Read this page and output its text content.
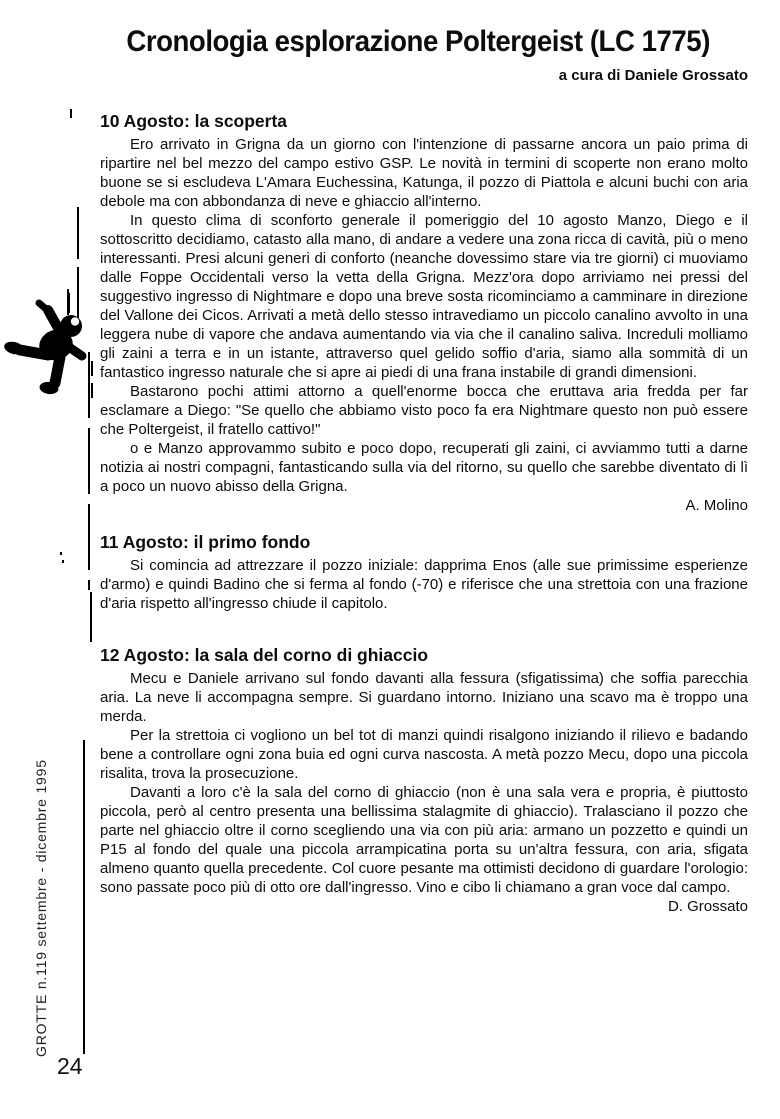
Cronologia esplorazione Poltergeist (LC 1775)
a cura di Daniele Grossato
10 Agosto: la scoperta

Ero arrivato in Grigna da un giorno con l'intenzione di passarne ancora un paio prima di ripartire nel bel mezzo del campo estivo GSP. Le novità in termini di scoperte non erano molto buone se si escludeva L'Amara Euchessina, Katunga, il pozzo di Piattola e alcuni buchi con aria debole ma con abbondanza di neve e ghiaccio all'interno.

In questo clima di sconforto generale il pomeriggio del 10 agosto Manzo, Diego e il sottoscritto decidiamo, catasto alla mano, di andare a vedere una zona ricca di cavità, più o meno interessanti. Presi alcuni generi di conforto (neanche dovessimo stare via tre giorni) ci muoviamo dalle Foppe Occidentali verso la vetta della Grigna. Mezz'ora dopo arriviamo nei pressi del suggestivo ingresso di Nightmare e dopo una breve sosta ricominciamo a camminare in direzione del Vallone dei Cicos. Arrivati a metà dello stesso intravediamo un piccolo canalino avvolto in una leggera nube di vapore che andava aumentando via via che il canalino saliva. Increduli molliamo gli zaini a terra e in un istante, attraverso quel gelido soffio d'aria, siamo alla sommità di un fantastico ingresso naturale che si apre ai piedi di una frana instabile di grandi dimensioni.

Bastarono pochi attimi attorno a quell'enorme bocca che eruttava aria fredda per far esclamare a Diego: "Se quello che abbiamo visto poco fa era Nightmare questo non può essere che Poltergeist, il fratello cattivo!"

o e Manzo approvammo subito e poco dopo, recuperati gli zaini, ci avviammo tutti a darne notizia ai nostri compagni, fantasticando sulla via del ritorno, su quello che sarebbe diventato di lì a poco un nuovo abisso della Grigna.

A. Molino
11 Agosto: il primo fondo

Si comincia ad attrezzare il pozzo iniziale: dapprima Enos (alle sue primissime esperienze d'armo) e quindi Badino che si ferma al fondo (-70) e riferisce che una strettoia con una frazione d'aria rispetto all'ingresso chiude il capitolo.

12 Agosto: la sala del corno di ghiaccio

Mecu e Daniele arrivano sul fondo davanti alla fessura (sfigatissima) che soffia parecchia aria. La neve li accompagna sempre. Si guardano intorno. Iniziano una scavo ma è troppo una merda.

Per la strettoia ci vogliono un bel tot di manzi quindi risalgono iniziando il rilievo e badando bene a controllare ogni zona buia ed ogni curva nascosta. A metà pozzo Mecu, dopo una piccola risalita, trova la prosecuzione.

Davanti a loro c'è la sala del corno di ghiaccio (non è una sala vera e propria, è piuttosto piccola, però al centro presenta una bellissima stalagmite di ghiaccio). Tralasciano il pozzo che parte nel ghiaccio oltre il corno scegliendo una via con più aria: armano un pozzetto e quindi un P15 al fondo del quale una piccola arrampicatina porta su un'altra fessura, con aria, sfigata almeno quanto quella precedente. Col cuore pesante ma ottimisti decidono di guardare l'orologio: sono passate poco più di otto ore dall'ingresso. Vino e cibo li chiamano a gran voce dal campo.

D. Grossato
GROTTE n.119 settembre - dicembre 1995
24
